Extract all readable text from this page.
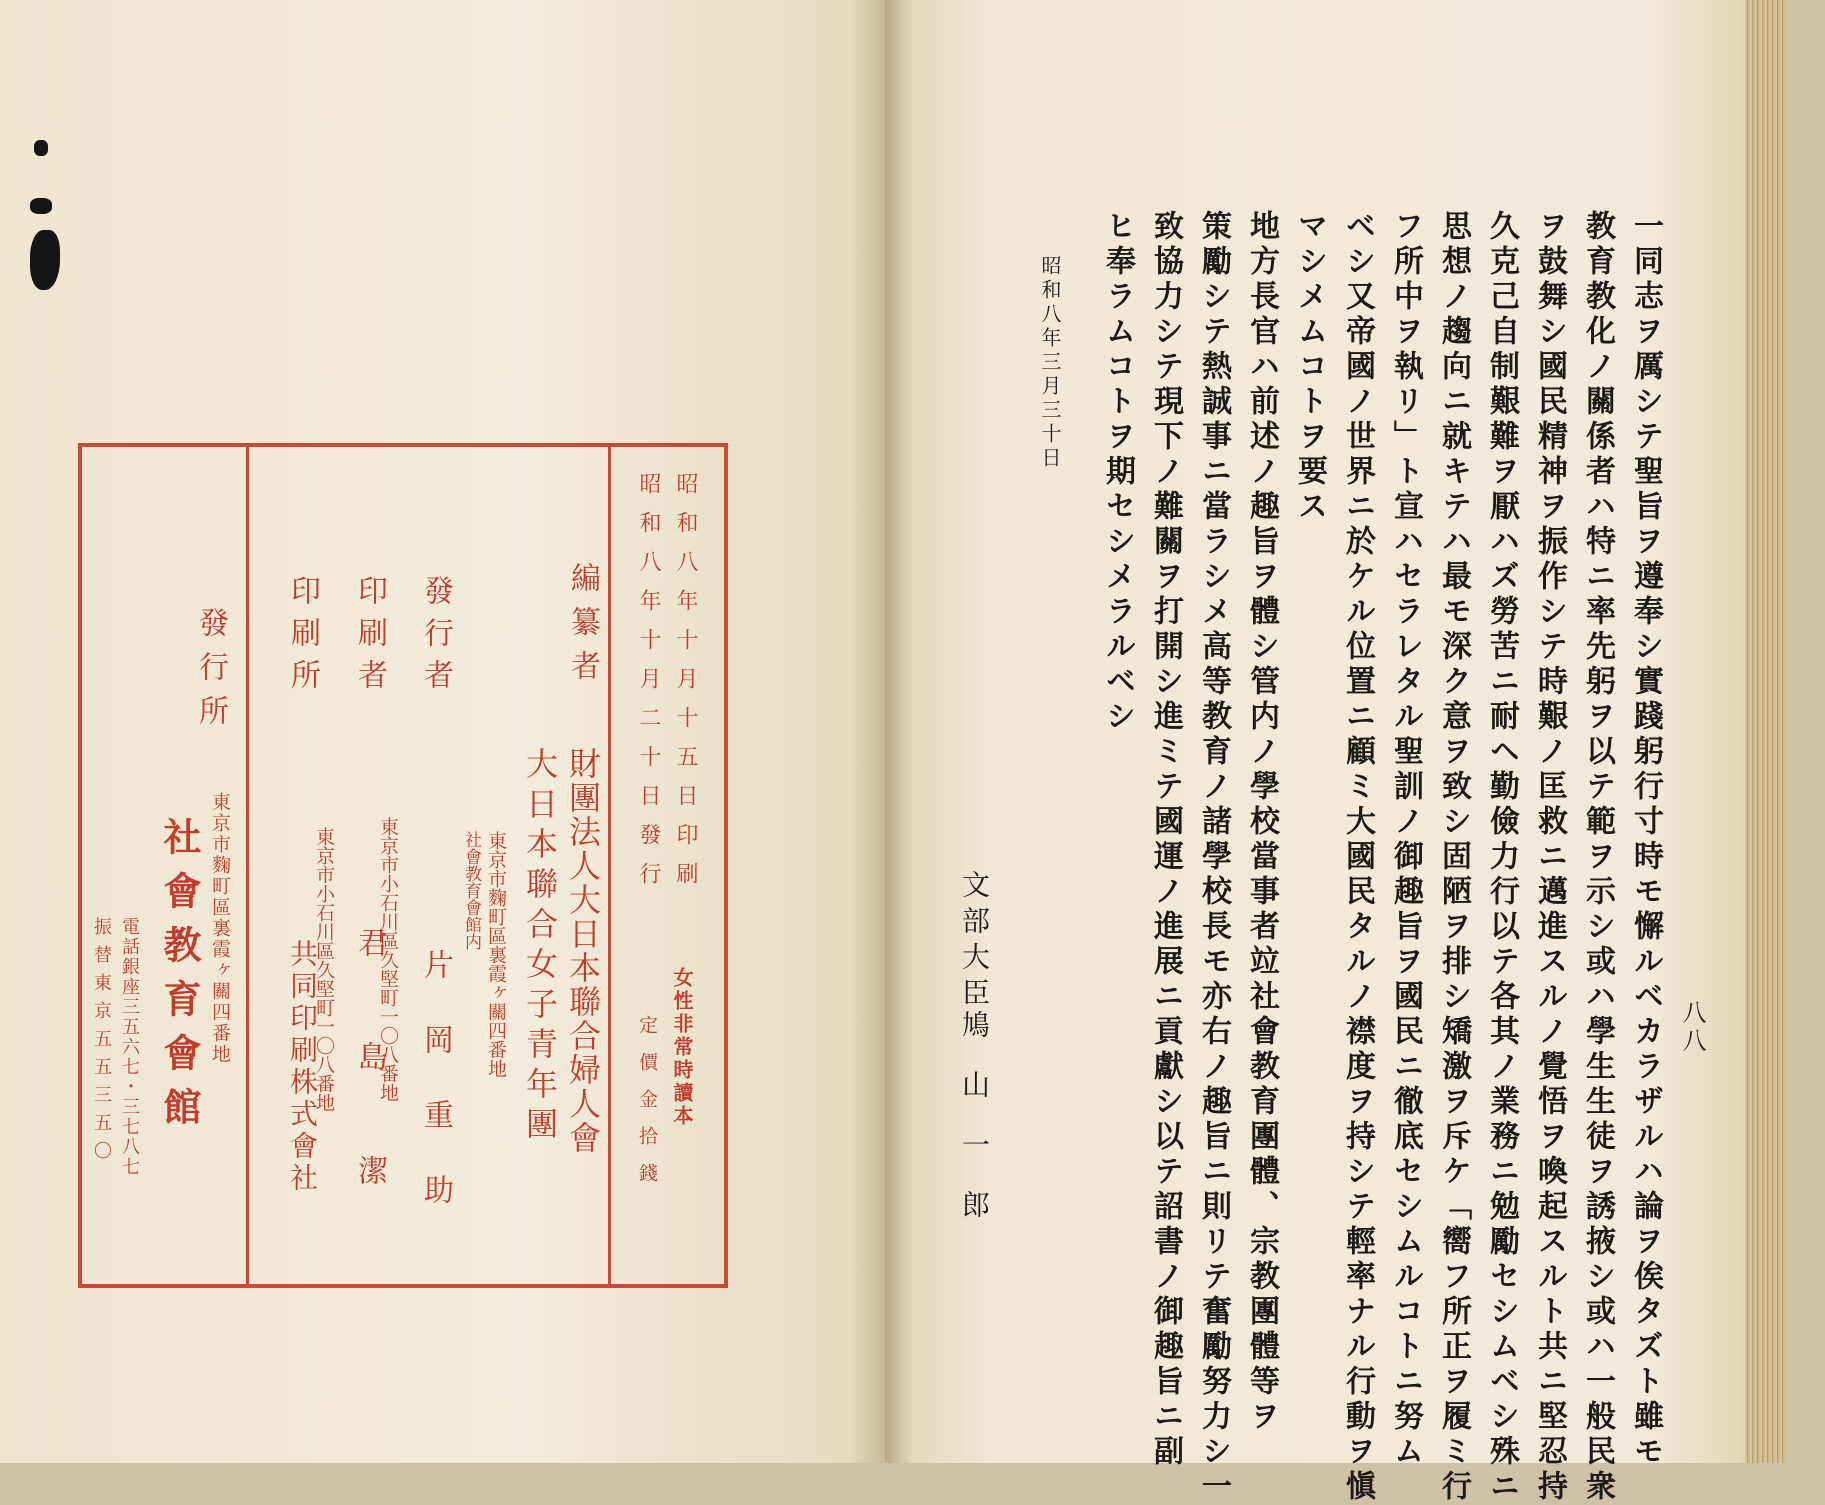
昭和八年十月十五日印刷
昭和八年十月二十日發行
女性非常時讀本
定價金拾錢
編纂者
財團法人大日本聯合婦人會
大日本聯合女子青年團
東京市麴町區裏霞ヶ關四番地
社會教育會館内
發行者
片岡重助
印刷者
東京市小石川區久堅町一〇八番地
君島潔
印刷所
東京市小石川區久堅町一〇八番地
共同印刷株式會社
發行所
東京市麴町區裏霞ヶ關四番地
社會教育會館
電話銀座三五六七・三七八七
振替東京五五三五〇	八八
一同志ヲ厲シテ聖旨ヲ遵奉シ實踐躬行寸時モ懈ルベカラザルハ論ヲ俟タズト雖モ
教育教化ノ關係者ハ特ニ率先躬ヲ以テ範ヲ示シ或ハ學生生徒ヲ誘掖シ或ハ一般民衆
ヲ鼓舞シ國民精神ヲ振作シテ時艱ノ匡救ニ邁進スルノ覺悟ヲ喚起スルト共ニ堅忍持
久克己自制艱難ヲ厭ハズ勞苦ニ耐ヘ勤儉力行以テ各其ノ業務ニ勉勵セシムベシ殊ニ
思想ノ趨向ニ就キテハ最モ深ク意ヲ致シ固陋ヲ排シ矯激ヲ斥ケ「嚮フ所正ヲ履ミ行
フ所中ヲ執リ」ト宣ハセラレタル聖訓ノ御趣旨ヲ國民ニ徹底セシムルコトニ努ム
ベシ又帝國ノ世界ニ於ケル位置ニ顧ミ大國民タルノ襟度ヲ持シテ輕率ナル行動ヲ愼
マシメムコトヲ要ス
地方長官ハ前述ノ趣旨ヲ體シ管内ノ學校當事者竝社會教育團體、宗教團體等ヲ
策勵シテ熱誠事ニ當ラシメ高等教育ノ諸學校長モ亦右ノ趣旨ニ則リテ奮勵努力シ一
致協力シテ現下ノ難關ヲ打開シ進ミテ國運ノ進展ニ貢獻シ以テ詔書ノ御趣旨ニ副
ヒ奉ラムコトヲ期セシメラルベシ
昭和八年三月三十日
文部大臣
鳩山一郎
